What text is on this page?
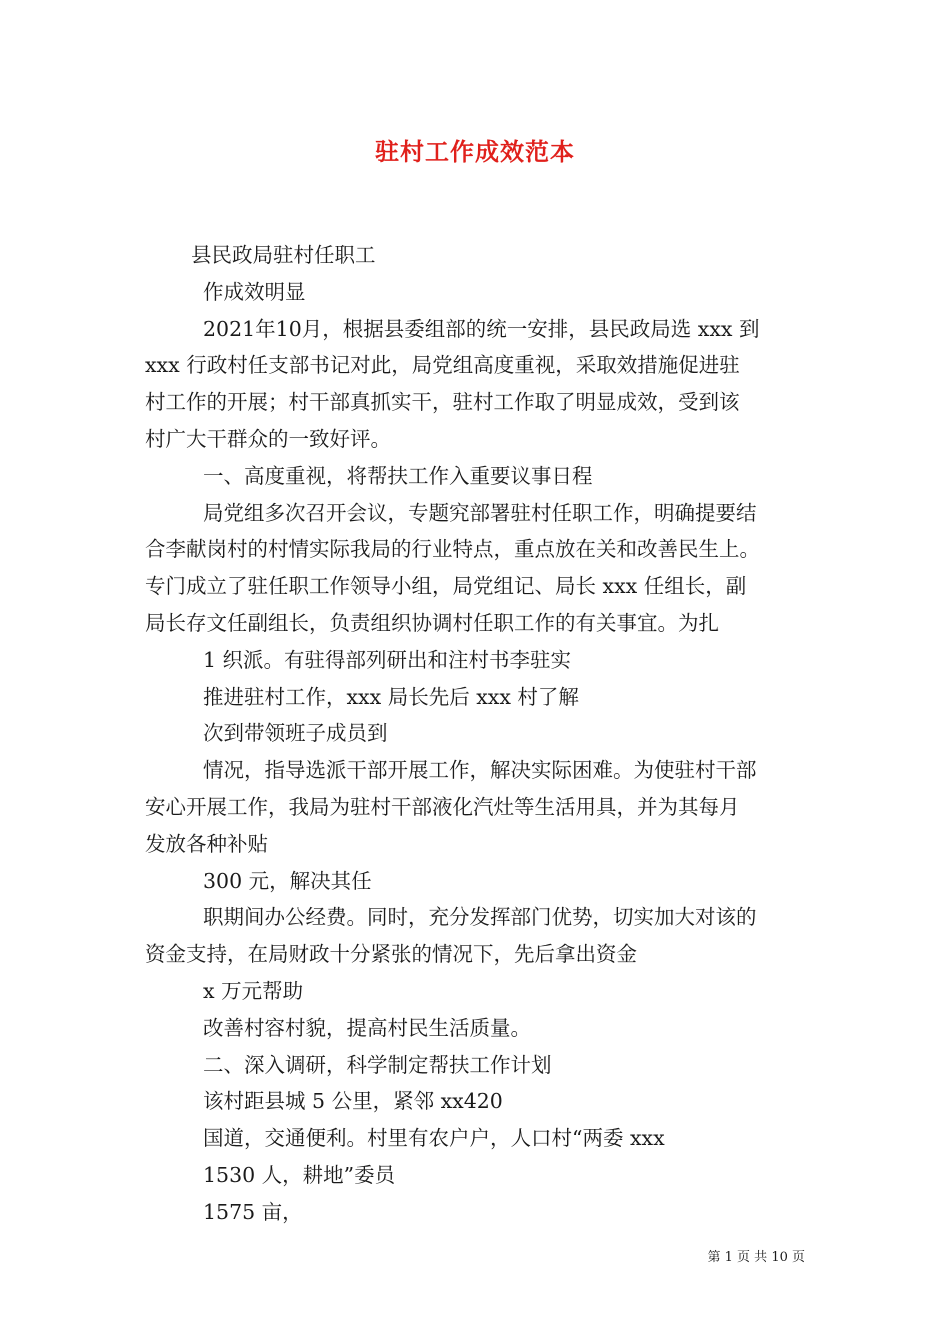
驻村工作成效范本

县民政局驻村任职工

作成效明显

2021年10月，根据县委组部的统一安排，县民政局选 xxx 到

xxx 行政村任支部书记对此，局党组高度重视，采取效措施促进驻

村工作的开展；村干部真抓实干，驻村工作取了明显成效，受到该

村广大干群众的一致好评。

一、高度重视，将帮扶工作入重要议事日程

局党组多次召开会议，专题究部署驻村任职工作，明确提要结

合李献岗村的村情实际我局的行业特点，重点放在关和改善民生上。

专门成立了驻任职工作领导小组，局党组记、局长 xxx 任组长，副

局长存文任副组长，负责组织协调村任职工作的有关事宜。为扎

1 织派。有驻得部列研出和注村书李驻实

推进驻村工作，xxx 局长先后 xxx 村了解

次到带领班子成员到

情况，指导选派干部开展工作，解决实际困难。为使驻村干部

安心开展工作，我局为驻村干部液化汽灶等生活用具，并为其每月

发放各种补贴

300 元，解决其任

职期间办公经费。同时，充分发挥部门优势，切实加大对该的

资金支持，在局财政十分紧张的情况下，先后拿出资金

x 万元帮助

改善村容村貌，提高村民生活质量。

二、深入调研，科学制定帮扶工作计划

该村距县城 5 公里，紧邻 xx420

国道，交通便利。村里有农户户，人口村“两委 xxx

1530 人，耕地”委员

1575 亩，

第 1 页 共 10 页
